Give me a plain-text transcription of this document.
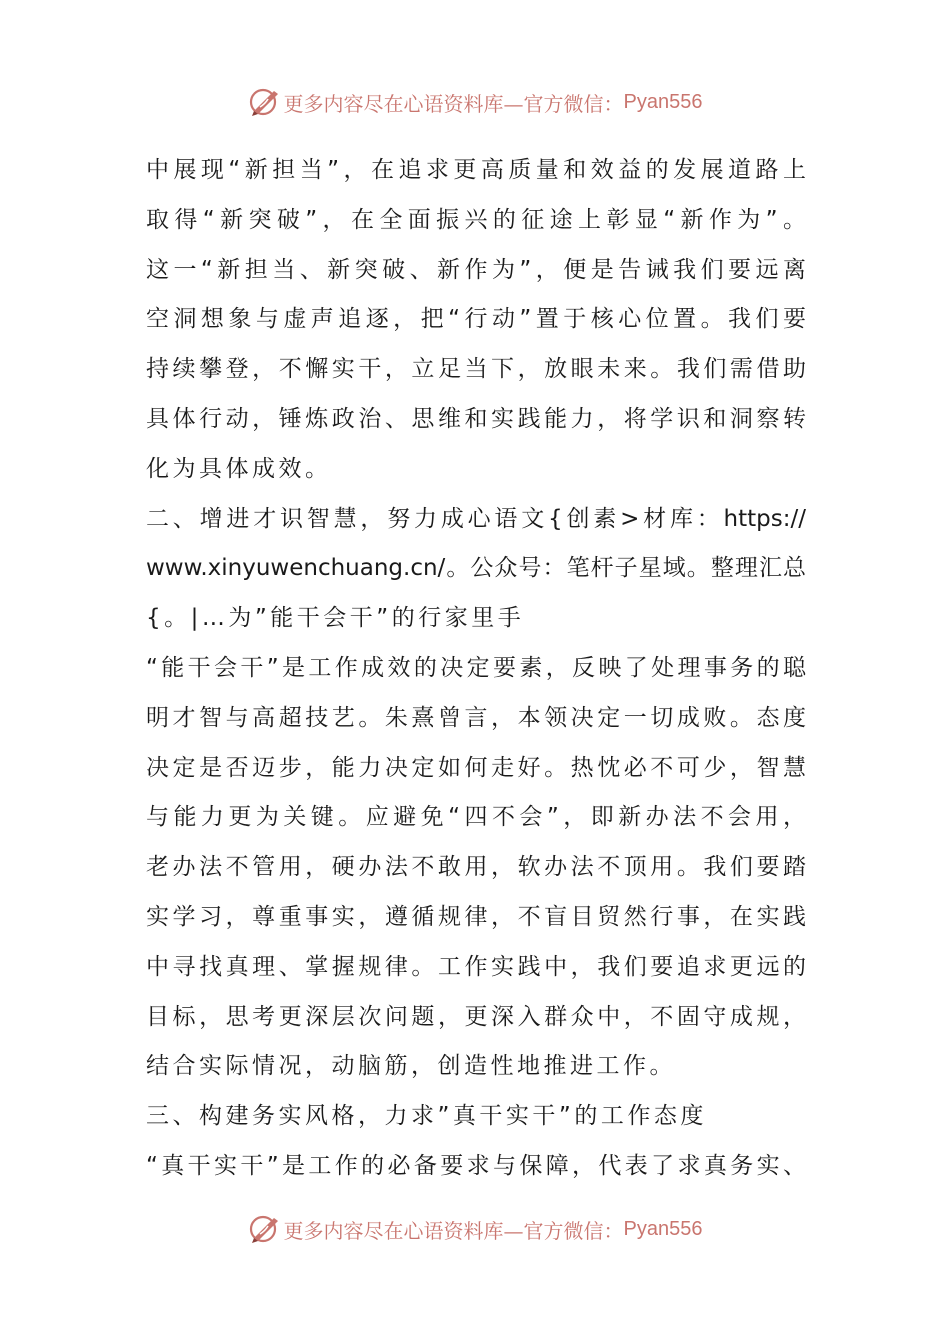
更多内容尽在心语资料库—官方微信： Pyan556
中展现“新担当”，在追求更高质量和效益的发展道路上
取得“新突破”，在全面振兴的征途上彰显“新作为”。
这一“新担当、新突破、新作为”，便是告诫我们要远离
空洞想象与虚声追逐，把“行动”置于核心位置。我们要
持续攀登，不懈实干，立足当下，放眼未来。我们需借助
具体行动，锤炼政治、思维和实践能力，将学识和洞察转
化为具体成效。
二、增进才识智慧，努力成心语文{创素>材库：https://
www.xinyuwenchuang.cn/。公众号：笔杆子星域。整理汇总
{。|…为”能干会干”的行家里手
“能干会干”是工作成效的决定要素，反映了处理事务的聪
明才智与高超技艺。朱熹曾言，本领决定一切成败。态度
决定是否迈步，能力决定如何走好。热忱必不可少，智慧
与能力更为关键。应避免“四不会”，即新办法不会用，
老办法不管用，硬办法不敢用，软办法不顶用。我们要踏
实学习，尊重事实，遵循规律，不盲目贸然行事，在实践
中寻找真理、掌握规律。工作实践中，我们要追求更远的
目标，思考更深层次问题，更深入群众中，不固守成规，
结合实际情况，动脑筋，创造性地推进工作。
三、构建务实风格，力求”真干实干”的工作态度
“真干实干”是工作的必备要求与保障，代表了求真务实、
更多内容尽在心语资料库—官方微信： Pyan556
